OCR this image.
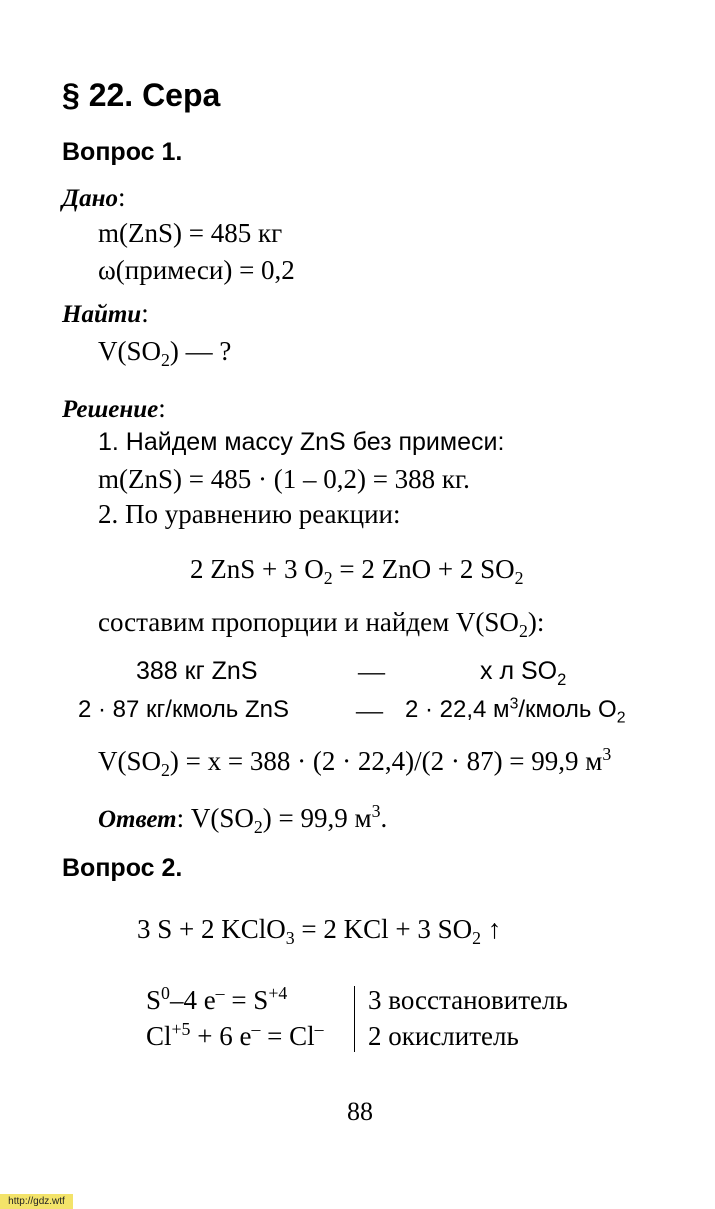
§ 22. Сера
Вопрос 1.
Дано:
m(ZnS) = 485 кг
ω(примеси) = 0,2
Найти:
$V(SO_2)$ — ?
Решение:
1. Найдем массу ZnS без примеси:
m(ZnS) = 485 · (1 – 0,2) = 388 кг.
2. По уравнению реакции:
2 ZnS + 3 $O_2 = 2$ ZnO + 2 $SO_2$
составим пропорции и найдем $V(SO_2)$:
388 кг ZnS	—	x л $SO_2$
2 · 87 кг/кмоль ZnS — 2 · 22,4 $м^3$/кмоль $O_2$
$V(SO_2) = x = 388 \cdot (2 \cdot 22,4)/(2 \cdot 87) = 99,9$ $м^3$
Ответ: $V(SO_2) = 99,9$ $м^3$.
Вопрос 2.
3 S + 2 KClO$_3$ = 2 KCl + 3 $SO_2$ ↑
$S^0-4$ $e^- = S^{+4}$	3 восстановитель
$Cl^{+5} + 6$ e– = Cl– 2 окислитель
88
http://gdz.wtf
